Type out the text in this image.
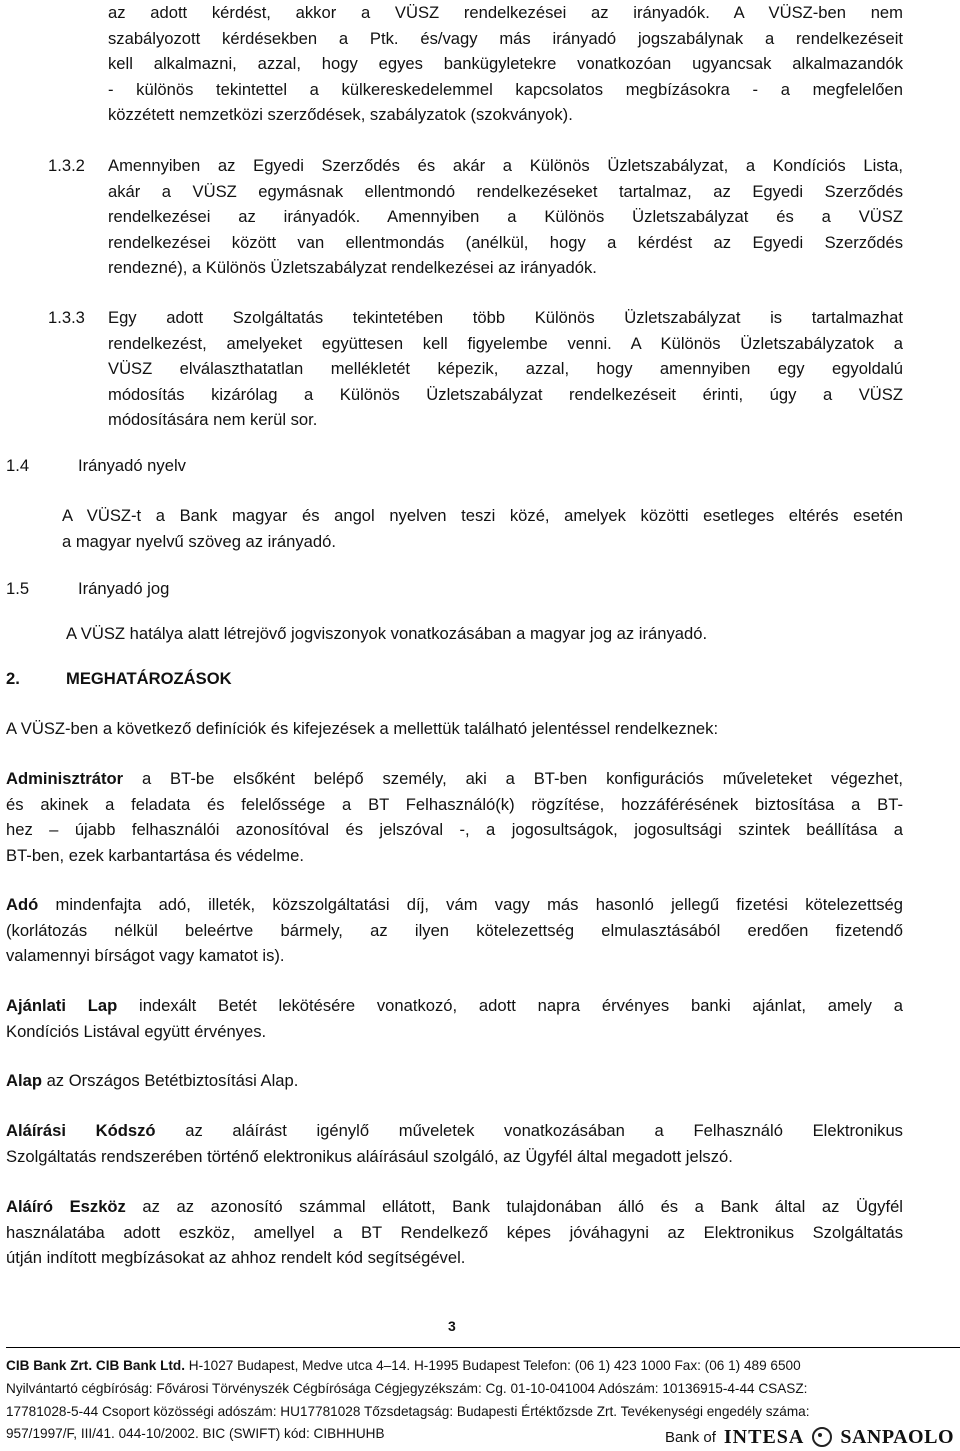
az adott kérdést, akkor a VÜSZ rendelkezései az irányadók. A VÜSZ-ben nem

szabályozott kérdésekben a Ptk. és/vagy más irányadó jogszabálynak a rendelkezéseit

kell alkalmazni, azzal, hogy egyes bankügyletekre vonatkozóan ugyancsak alkalmazandók

- különös tekintettel a külkereskedelemmel kapcsolatos megbízásokra - a megfelelően

közzétett nemzetközi szerződések, szabályzatok (szokványok).

1.3.2 Amennyiben az Egyedi Szerződés és akár a Különös Üzletszabályzat, a Kondíciós Lista,

akár a VÜSZ egymásnak ellentmondó rendelkezéseket tartalmaz, az Egyedi Szerződés

rendelkezései az irányadók. Amennyiben a Különös Üzletszabályzat és a VÜSZ

rendelkezései között van ellentmondás (anélkül, hogy a kérdést az Egyedi Szerződés

rendezné), a Különös Üzletszabályzat rendelkezései az irányadók.

1.3.3 Egy adott Szolgáltatás tekintetében több Különös Üzletszabályzat is tartalmazhat

rendelkezést, amelyeket együttesen kell figyelembe venni. A Különös Üzletszabályzatok a

VÜSZ elválaszthatatlan mellékletét képezik, azzal, hogy amennyiben egy egyoldalú

módosítás kizárólag a Különös Üzletszabályzat rendelkezéseit érinti, úgy a VÜSZ

módosítására nem kerül sor.

1.4	Irányadó nyelv

A VÜSZ-t a Bank magyar és angol nyelven teszi közé, amelyek közötti esetleges eltérés esetén

a magyar nyelvű szöveg az irányadó.

1.5	Irányadó jog
A VÜSZ hatálya alatt létrejövő jogviszonyok vonatkozásában a magyar jog az irányadó.
2.	MEGHATÁROZÁSOK
A VÜSZ-ben a következő definíciók és kifejezések a mellettük található jelentéssel rendelkeznek:

Adminisztrátor a BT-be elsőként belépő személy, aki a BT-ben konfigurációs műveleteket végezhet,

és akinek a feladata és felelőssége a BT Felhasználó(k) rögzítése, hozzáférésének biztosítása a BT-

hez – újabb felhasználói azonosítóval és jelszóval -, a jogosultságok, jogosultsági szintek beállítása a

BT-ben, ezek karbantartása és védelme.

Adó mindenfajta adó, illeték, közszolgáltatási díj, vám vagy más hasonló jellegű fizetési kötelezettség

(korlátozás nélkül beleértve bármely, az ilyen kötelezettség elmulasztásából eredően fizetendő

valamennyi bírságot vagy kamatot is).

Ajánlati Lap indexált Betét lekötésére vonatkozó, adott napra érvényes banki ajánlat, amely a

Kondíciós Listával együtt érvényes.

Alap az Országos Betétbiztosítási Alap.

Aláírási Kódszó az aláírást igénylő műveletek vonatkozásában a Felhasználó Elektronikus

Szolgáltatás rendszerében történő elektronikus aláírásául szolgáló, az Ügyfél által megadott jelszó.

Aláíró Eszköz az az azonosító számmal ellátott, Bank tulajdonában álló és a Bank által az Ügyfél

használatába adott eszköz, amellyel a BT Rendelkező képes jóváhagyni az Elektronikus Szolgáltatás

útján indított megbízásokat az ahhoz rendelt kód segítségével.

3
CIB Bank Zrt. CIB Bank Ltd. H-1027 Budapest, Medve utca 4–14. H-1995 Budapest Telefon: (06 1) 423 1000 Fax: (06 1) 489 6500
Nyilvántartó cégbíróság: Fővárosi Törvényszék Cégbírósága Cégjegyzékszám: Cg. 01-10-041004 Adószám: 10136915-4-44 CSASZ:
17781028-5-44 Csoport közösségi adószám: HU17781028 Tőzsdetagság: Budapesti Értéktőzsde Zrt. Tevékenységi engedély száma:
957/1997/F, III/41. 044-10/2002. BIC (SWIFT) kód: CIBHHUHB	Bank of INTESA SANPAOLO
